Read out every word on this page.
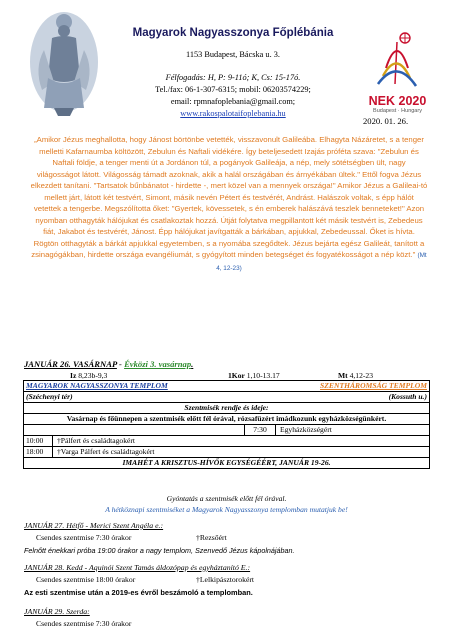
Magyarok Nagyasszonya Főplébánia
1153 Budapest, Bácska u. 3.
Félfogadás: H, P: 9-11ó; K, Cs: 15-17ó.
Tel./fax: 06-1-307-6315; mobil: 06203574229;
email: rpmnafoplebania@gmail.com;
www.rakospalotaifoplebania.hu
NEK 2020
Budapest · Hungary
2020. 01. 26.

„Amikor Jézus meghallotta, hogy Jánost börtönbe vetették, visszavonult Galileába. Elhagyta Názáretet, s a tenger melletti Kafarnaumba költözött, Zebulun és Naftali vidékére. Így beteljesedett Izajás próféta szava: "Zebulun és Naftali földje, a tenger menti út a Jordánon túl, a pogányok Galileája, a nép, mely sötétségben ült, nagy világosságot látott. Világosság támadt azoknak, akik a halál országában és árnyékában ültek." Ettől fogva Jézus elkezdett tanítani. "Tartsatok bűnbánatot - hirdette -, mert közel van a mennyek országa!" Amikor Jézus a Galileai-tó mellett járt, látott két testvért, Simont, másik nevén Pétert és testvérét, Andrást. Halászok voltak, s épp hálót vetettek a tengerbe. Megszólította őket: "Gyertek, kövessetek, s én emberek halászává teszlek benneteket!" Azon nyomban otthagyták hálójukat és csatlakoztak hozzá. Útját folytatva megpillantott két másik testvért is, Zebedeus fiát, Jakabot és testvérét, Jánost. Épp hálójukat javítgatták a bárkában, apjukkal, Zebedeussal. Őket is hívta. Rögtön otthagyták a bárkát apjukkal egyetemben, s a nyomába szegődtek. Jézus bejárta egész Galileát, tanított a zsinagógákban, hirdette országa evangéliumát, s gyógyított minden betegséget és fogyatékosságot a nép közt." (Mt 4, 12-23)

JANUÁR 26. VASÁRNAP - Évközi 3. vasárnap.
Iz 8,23b-9,3	1Kor 1,10-13.17	Mt 4,12-23
MAGYAROK NAGYASSZONYA TEMPLOM	SZENTHÁROMSÁG TEMPLOM
(Széchenyi tér)	(Kossuth u.)
Szentmisék rendje és ideje:	
Vasárnap és főünnepen a szentmisék előtt fél órával, rózsafüzért imádkozunk egyházközségünkért.	
7:30 Egyházközségért	
10:00 †Pálfert és családtagokért	
18:00 †Varga Pálfert és családtagokért	
IMAHÉT A KRISZTUS-HÍVŐK EGYSÉGÉÉRT, JANUÁR 19-26.	
Gyóntatás a szentmisék előtt fél órával.
A hétköznapi szentmiséket a Magyarok Nagyasszonya templomban mutatjuk be!
JANUÁR 27. Hétfő - Merici Szent Angéla e.:
Csendes szentmise 7:30 órakor	†Rezsőért
Felnőtt énekkari próba 19:00 órakor a nagy templom, Szenvedő Jézus kápolnájában.
JANUÁR 28. Kedd - Aquinói Szent Tamás áldozópap és egyháztanító E.:
Csendes szentmise 18:00 órakor	†Lelkipásztorokért
Az esti szentmise után a 2019-es évről beszámoló a templomban.
JANUÁR 29. Szerda:
Csendes szentmise 7:30 órakor
